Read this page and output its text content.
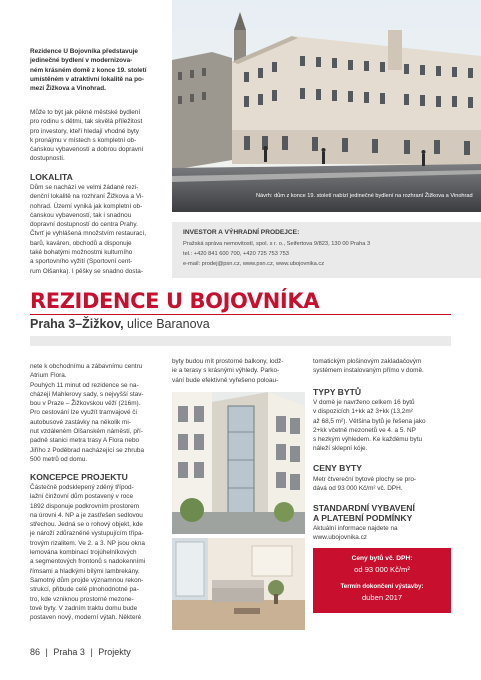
Rezidence U Bojovníka představuje
jedinečné bydlení v modernizova-
ném krásném domě z konce 19. století
umístěném v atraktivní lokalitě na po-
mezí Žižkova a Vinohrad.
Může to být jak pěkné městské bydlení
pro rodinu s dětmi, tak skvělá příležitost
pro investory, kteří hledají vhodné byty
k pronájmu v místech s kompletní ob-
čanskou vybaveností a dobrou dopravní
dostupností.
LOKALITA
Dům se nachází ve velmi žádané rezi-
denční lokalitě na rozhraní Žižkova a Vi-
nohrad. Území vyniká jak kompletní ob-
čanskou vybaveností, tak i snadnou
dopravní dostupností do centra Prahy.
Čtvrť je vyhlášená množstvím restaurací,
barů, kaváren, obchodů a disponuje
také bohatými možnostmi kulturního
a sportovního vyžití (Sportovní cent-
rum Olšanka). I pěšky se snadno dosta-
Návrh: dům z konce 19. století nabízí jedinečné bydlení na rozhraní Žižkova a Vinohrad
INVESTOR A VÝHRADNÍ PRODEJCE:
Pražská správa nemovitostí, spol. s r. o., Seifertova 9/823, 130 00 Praha 3
tel.: +420 841 600 700, +420 725 753 753
e-mail: prodej@psn.cz, www.psn.cz, www.ubojovnika.cz
REZIDENCE U BOJOVNÍKA
Praha 3–Žižkov, ulice Baranova
nete k obchodnímu a zábavnímu centru
Atrium Flora.
Pouhých 11 minut od rezidence se na-
cházejí Mahlerovy sady, s nejvyšší stav-
bou v Praze – Žižkovskou věží (216m).
Pro cestování lze využít tramvajové či
autobusové zastávky na několik mi-
nut vzdáleném Olšanském náměstí, pří-
padně stanici metra trasy A Flora nebo
Jiřího z Poděbrad nacházející se zhruba
500 metrů od domu.
KONCEPCE PROJEKTU
Částečně podsklepený zděný třípod-
lažní činžovní dům postavený v roce
1892 disponuje podkrovním prostorem
na úrovni 4. NP a je zastřešen sedlovou
střechou. Jedná se o rohový objekt, kde
je nároží zdůrazněné vystupujícím třípa-
trovým rizalitem. Ve 2. a 3. NP jsou okna
lemována kombinací trojúhelníkových
a segmentových frontonů s nadokenními
římsami a hladkými bílými lambrekány.
Samotný dům projde významnou rekon-
strukcí, přibude celé plnohodnotné pa-
tro, kde vzniknou prostorné mezone-
tové byty. V zadním traktu domu bude
postaven nový, moderní výtah. Některé
byty budou mít prostorné balkony, lodž-
ie a terasy s krásnými výhledy. Parko-
vání bude efektivně vyřešeno poloau-
tomatickým plošinovým zakladačovým
systémem instalovaným přímo v domě.
TYPY BYTŮ
V domě je navrženo celkem 16 bytů
v dispozicích 1+kk až 3+kk (13,2m²
až 68,5 m²). Většina bytů je řešena jako
2+kk včetně mezonetů ve 4. a 5. NP
s hezkým výhledem. Ke každému bytu
náleží sklepní kóje.
CENY BYTY
Metr čtvereční bytové plochy se pro-
dává od 93 000 Kč/m² vč. DPH.
STANDARDNÍ VYBAVENÍ
A PLATEBNÍ PODMÍNKY
Aktuální informace najdete na
www.ubojovnika.cz
Ceny bytů vč. DPH:
od 93 000 Kč/m²
Termín dokončení výstavby:
duben 2017
86 | Praha 3 | Projekty
